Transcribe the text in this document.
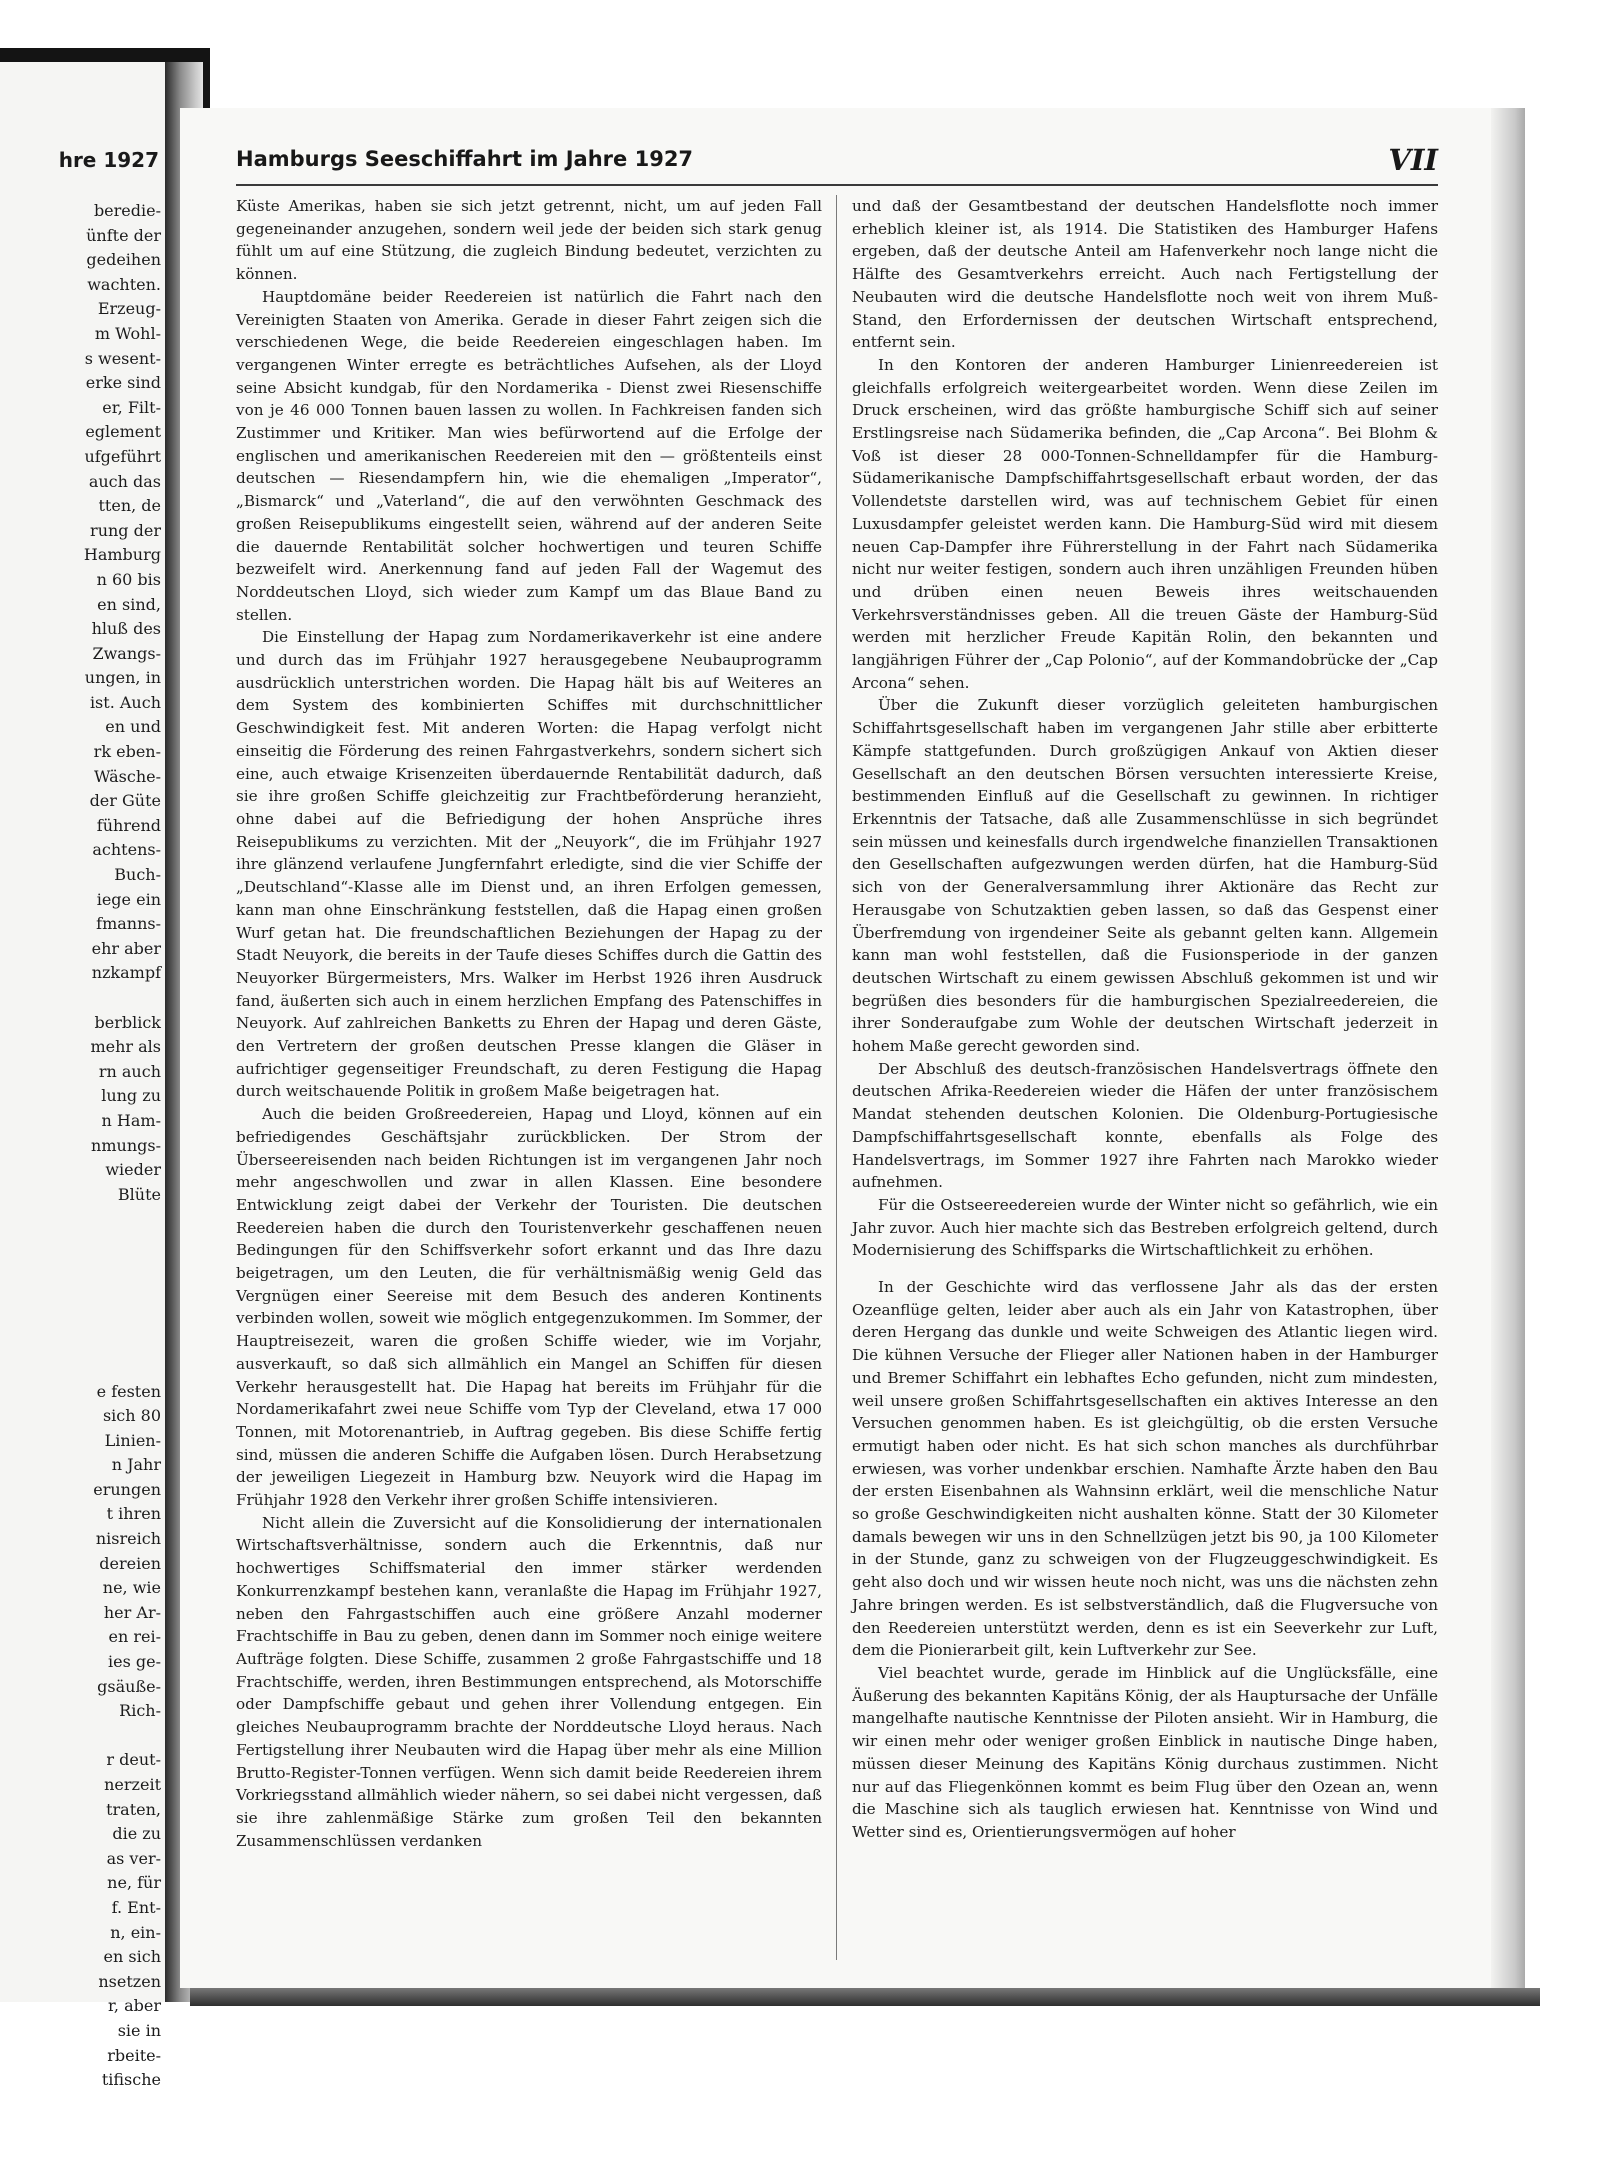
hre 1927
beredie-
ünfte der
gedeihen
wachten.
Erzeug-
m Wohl-
s wesent-
erke sind
er, Filt-
eglement
ufgeführt
auch das
tten, de
rung der
Hamburg
n 60 bis
en sind,
hluß des
Zwangs-
ungen, in
ist. Auch
en und
rk eben-
Wäsche-
der Güte
führend
achtens-
Buch-
iege ein
fmanns-
ehr aber
nzkampf

berblick
mehr als
rn auch
lung zu
n Ham-
nmungs-
wieder
Blüte

e festen
sich 80
Linien-
n Jahr
erungen
t ihren
nisreich
dereien
ne, wie
her Ar-
en rei-
ies ge-
gsäuße-
Rich-

r deut-
nerzeit
traten,
die zu
as ver-
ne, für
f. Ent-
n, ein-
en sich
nsetzen
r, aber
sie in
rbeite-
tifische
Hamburgs Seeschiffahrt im Jahre 1927	VII

Küste Amerikas, haben sie sich jetzt getrennt, nicht, um auf jeden Fall gegeneinander anzugehen, sondern weil jede der beiden sich stark genug fühlt um auf eine Stützung, die zugleich Bindung bedeutet, verzichten zu können.

Hauptdomäne beider Reedereien ist natürlich die Fahrt nach den Vereinigten Staaten von Amerika. Gerade in dieser Fahrt zeigen sich die verschiedenen Wege, die beide Reedereien eingeschlagen haben. Im vergangenen Winter erregte es beträchtliches Aufsehen, als der Lloyd seine Absicht kundgab, für den Nordamerika - Dienst zwei Riesenschiffe von je 46 000 Tonnen bauen lassen zu wollen. In Fachkreisen fanden sich Zustimmer und Kritiker. Man wies befürwortend auf die Erfolge der englischen und amerikanischen Reedereien mit den — größtenteils einst deutschen — Riesendampfern hin, wie die ehemaligen „Imperator“, „Bismarck“ und „Vaterland“, die auf den verwöhnten Geschmack des großen Reisepublikums eingestellt seien, während auf der anderen Seite die dauernde Rentabilität solcher hochwertigen und teuren Schiffe bezweifelt wird. Anerkennung fand auf jeden Fall der Wagemut des Norddeutschen Lloyd, sich wieder zum Kampf um das Blaue Band zu stellen.

Die Einstellung der Hapag zum Nordamerikaverkehr ist eine andere und durch das im Frühjahr 1927 herausgegebene Neubauprogramm ausdrücklich unterstrichen worden. Die Hapag hält bis auf Weiteres an dem System des kombinierten Schiffes mit durchschnittlicher Geschwindigkeit fest. Mit anderen Worten: die Hapag verfolgt nicht einseitig die Förderung des reinen Fahrgastverkehrs, sondern sichert sich eine, auch etwaige Krisenzeiten überdauernde Rentabilität dadurch, daß sie ihre großen Schiffe gleichzeitig zur Frachtbeförderung heranzieht, ohne dabei auf die Befriedigung der hohen Ansprüche ihres Reisepublikums zu verzichten. Mit der „Neuyork“, die im Frühjahr 1927 ihre glänzend verlaufene Jungfernfahrt erledigte, sind die vier Schiffe der „Deutschland“-Klasse alle im Dienst und, an ihren Erfolgen gemessen, kann man ohne Einschränkung feststellen, daß die Hapag einen großen Wurf getan hat. Die freundschaftlichen Beziehungen der Hapag zu der Stadt Neuyork, die bereits in der Taufe dieses Schiffes durch die Gattin des Neuyorker Bürgermeisters, Mrs. Walker im Herbst 1926 ihren Ausdruck fand, äußerten sich auch in einem herzlichen Empfang des Patenschiffes in Neuyork. Auf zahlreichen Banketts zu Ehren der Hapag und deren Gäste, den Vertretern der großen deutschen Presse klangen die Gläser in aufrichtiger gegenseitiger Freundschaft, zu deren Festigung die Hapag durch weitschauende Politik in großem Maße beigetragen hat.

Auch die beiden Großreedereien, Hapag und Lloyd, können auf ein befriedigendes Geschäftsjahr zurückblicken. Der Strom der Überseereisenden nach beiden Richtungen ist im vergangenen Jahr noch mehr angeschwollen und zwar in allen Klassen. Eine besondere Entwicklung zeigt dabei der Verkehr der Touristen. Die deutschen Reedereien haben die durch den Touristenverkehr geschaffenen neuen Bedingungen für den Schiffsverkehr sofort erkannt und das Ihre dazu beigetragen, um den Leuten, die für verhältnismäßig wenig Geld das Vergnügen einer Seereise mit dem Besuch des anderen Kontinents verbinden wollen, soweit wie möglich entgegenzukommen. Im Sommer, der Hauptreisezeit, waren die großen Schiffe wieder, wie im Vorjahr, ausverkauft, so daß sich allmählich ein Mangel an Schiffen für diesen Verkehr herausgestellt hat. Die Hapag hat bereits im Frühjahr für die Nordamerikafahrt zwei neue Schiffe vom Typ der Cleveland, etwa 17 000 Tonnen, mit Motorenantrieb, in Auftrag gegeben. Bis diese Schiffe fertig sind, müssen die anderen Schiffe die Aufgaben lösen. Durch Herabsetzung der jeweiligen Liegezeit in Hamburg bzw. Neuyork wird die Hapag im Frühjahr 1928 den Verkehr ihrer großen Schiffe intensivieren.

Nicht allein die Zuversicht auf die Konsolidierung der internationalen Wirtschaftsverhältnisse, sondern auch die Erkenntnis, daß nur hochwertiges Schiffsmaterial den immer stärker werdenden Konkurrenzkampf bestehen kann, veranlaßte die Hapag im Frühjahr 1927, neben den Fahrgastschiffen auch eine größere Anzahl moderner Frachtschiffe in Bau zu geben, denen dann im Sommer noch einige weitere Aufträge folgten. Diese Schiffe, zusammen 2 große Fahrgastschiffe und 18 Frachtschiffe, werden, ihren Bestimmungen entsprechend, als Motorschiffe oder Dampfschiffe gebaut und gehen ihrer Vollendung entgegen. Ein gleiches Neubauprogramm brachte der Norddeutsche Lloyd heraus. Nach Fertigstellung ihrer Neubauten wird die Hapag über mehr als eine Million Brutto-Register-Tonnen verfügen. Wenn sich damit beide Reedereien ihrem Vorkriegsstand allmählich wieder nähern, so sei dabei nicht vergessen, daß sie ihre zahlenmäßige Stärke zum großen Teil den bekannten Zusammenschlüssen verdanken

und daß der Gesamtbestand der deutschen Handelsflotte noch immer erheblich kleiner ist, als 1914. Die Statistiken des Hamburger Hafens ergeben, daß der deutsche Anteil am Hafenverkehr noch lange nicht die Hälfte des Gesamtverkehrs erreicht. Auch nach Fertigstellung der Neubauten wird die deutsche Handelsflotte noch weit von ihrem Muß-Stand, den Erfordernissen der deutschen Wirtschaft entsprechend, entfernt sein.

In den Kontoren der anderen Hamburger Linienreedereien ist gleichfalls erfolgreich weitergearbeitet worden. Wenn diese Zeilen im Druck erscheinen, wird das größte hamburgische Schiff sich auf seiner Erstlingsreise nach Südamerika befinden, die „Cap Arcona“. Bei Blohm & Voß ist dieser 28 000-Tonnen-Schnelldampfer für die Hamburg-Südamerikanische Dampfschiffahrtsgesellschaft erbaut worden, der das Vollendetste darstellen wird, was auf technischem Gebiet für einen Luxusdampfer geleistet werden kann. Die Hamburg-Süd wird mit diesem neuen Cap-Dampfer ihre Führerstellung in der Fahrt nach Südamerika nicht nur weiter festigen, sondern auch ihren unzähligen Freunden hüben und drüben einen neuen Beweis ihres weitschauenden Verkehrsverständnisses geben. All die treuen Gäste der Hamburg-Süd werden mit herzlicher Freude Kapitän Rolin, den bekannten und langjährigen Führer der „Cap Polonio“, auf der Kommandobrücke der „Cap Arcona“ sehen.

Über die Zukunft dieser vorzüglich geleiteten hamburgischen Schiffahrtsgesellschaft haben im vergangenen Jahr stille aber erbitterte Kämpfe stattgefunden. Durch großzügigen Ankauf von Aktien dieser Gesellschaft an den deutschen Börsen versuchten interessierte Kreise, bestimmenden Einfluß auf die Gesellschaft zu gewinnen. In richtiger Erkenntnis der Tatsache, daß alle Zusammenschlüsse in sich begründet sein müssen und keinesfalls durch irgendwelche finanziellen Transaktionen den Gesellschaften aufgezwungen werden dürfen, hat die Hamburg-Süd sich von der Generalversammlung ihrer Aktionäre das Recht zur Herausgabe von Schutzaktien geben lassen, so daß das Gespenst einer Überfremdung von irgendeiner Seite als gebannt gelten kann. Allgemein kann man wohl feststellen, daß die Fusionsperiode in der ganzen deutschen Wirtschaft zu einem gewissen Abschluß gekommen ist und wir begrüßen dies besonders für die hamburgischen Spezialreedereien, die ihrer Sonderaufgabe zum Wohle der deutschen Wirtschaft jederzeit in hohem Maße gerecht geworden sind.

Der Abschluß des deutsch-französischen Handelsvertrags öffnete den deutschen Afrika-Reedereien wieder die Häfen der unter französischem Mandat stehenden deutschen Kolonien. Die Oldenburg-Portugiesische Dampfschiffahrtsgesellschaft konnte, ebenfalls als Folge des Handelsvertrags, im Sommer 1927 ihre Fahrten nach Marokko wieder aufnehmen.

Für die Ostseereedereien wurde der Winter nicht so gefährlich, wie ein Jahr zuvor. Auch hier machte sich das Bestreben erfolgreich geltend, durch Modernisierung des Schiffsparks die Wirtschaftlichkeit zu erhöhen.

In der Geschichte wird das verflossene Jahr als das der ersten Ozeanflüge gelten, leider aber auch als ein Jahr von Katastrophen, über deren Hergang das dunkle und weite Schweigen des Atlantic liegen wird. Die kühnen Versuche der Flieger aller Nationen haben in der Hamburger und Bremer Schiffahrt ein lebhaftes Echo gefunden, nicht zum mindesten, weil unsere großen Schiffahrtsgesellschaften ein aktives Interesse an den Versuchen genommen haben. Es ist gleichgültig, ob die ersten Versuche ermutigt haben oder nicht. Es hat sich schon manches als durchführbar erwiesen, was vorher undenkbar erschien. Namhafte Ärzte haben den Bau der ersten Eisenbahnen als Wahnsinn erklärt, weil die menschliche Natur so große Geschwindigkeiten nicht aushalten könne. Statt der 30 Kilometer damals bewegen wir uns in den Schnellzügen jetzt bis 90, ja 100 Kilometer in der Stunde, ganz zu schweigen von der Flugzeuggeschwindigkeit. Es geht also doch und wir wissen heute noch nicht, was uns die nächsten zehn Jahre bringen werden. Es ist selbstverständlich, daß die Flugversuche von den Reedereien unterstützt werden, denn es ist ein Seeverkehr zur Luft, dem die Pionierarbeit gilt, kein Luftverkehr zur See.

Viel beachtet wurde, gerade im Hinblick auf die Unglücksfälle, eine Äußerung des bekannten Kapitäns König, der als Hauptursache der Unfälle mangelhafte nautische Kenntnisse der Piloten ansieht. Wir in Hamburg, die wir einen mehr oder weniger großen Einblick in nautische Dinge haben, müssen dieser Meinung des Kapitäns König durchaus zustimmen. Nicht nur auf das Fliegenkönnen kommt es beim Flug über den Ozean an, wenn die Maschine sich als tauglich erwiesen hat. Kenntnisse von Wind und Wetter sind es, Orientierungsvermögen auf hoher
